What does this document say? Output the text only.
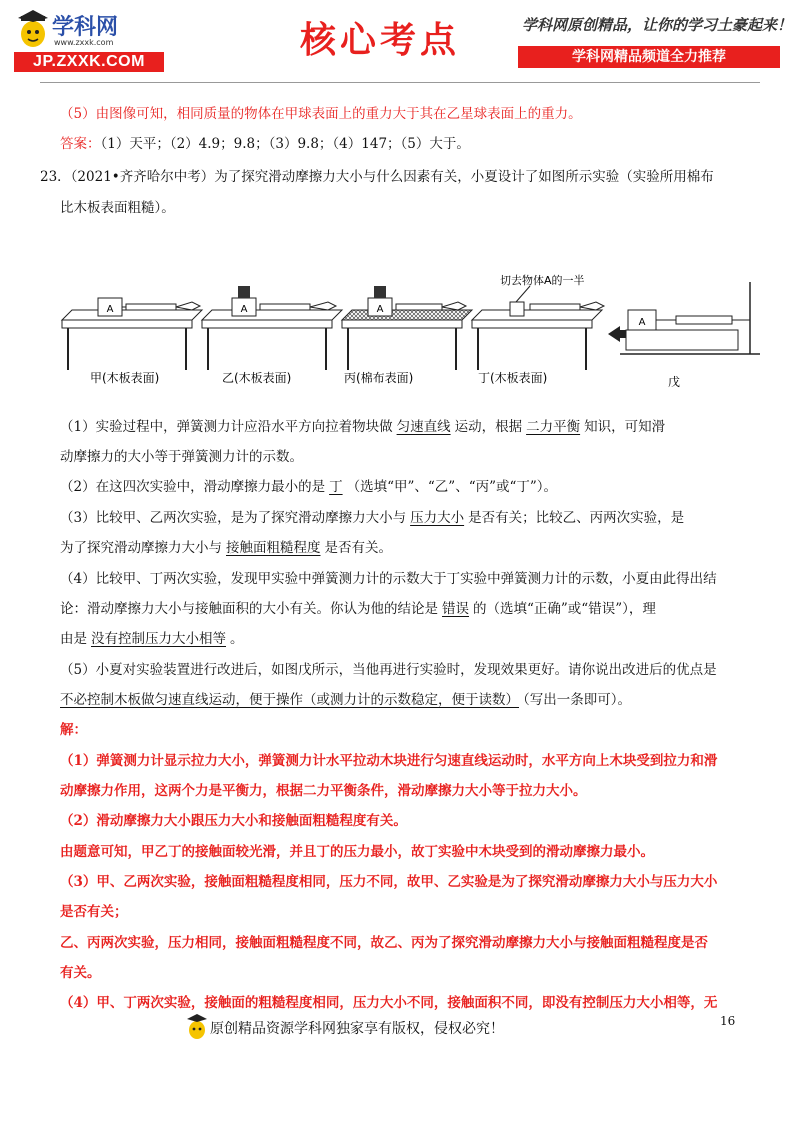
学科网
www.zxxk.com
JP.ZXXK.COM
核心考点	学科网原创精品，让你的学习土豪起来！
学科网精品频道全力推荐
（5）由图像可知，相同质量的物体在甲球表面上的重力大于其在乙星球表面上的重力。
答案：（1）天平；（2）4.9；9.8；（3）9.8；（4）147；（5）大于。
23．（2021•齐齐哈尔中考）为了探究滑动摩擦力大小与什么因素有关，小夏设计了如图所示实验（实验所用棉布
比木板表面粗糙）。
A	A	A
切去物体A的一半
A
甲(木板表面)	乙(木板表面)	丙(棉布表面)	丁(木板表面)	戊
（1）实验过程中，弹簧测力计应沿水平方向拉着物块做 匀速直线 运动，根据 二力平衡 知识，可知滑
动摩擦力的大小等于弹簧测力计的示数。
（2）在这四次实验中，滑动摩擦力最小的是 丁 （选填“甲”、“乙”、“丙”或“丁”）。
（3）比较甲、乙两次实验，是为了探究滑动摩擦力大小与 压力大小 是否有关；比较乙、丙两次实验，是
为了探究滑动摩擦力大小与 接触面粗糙程度 是否有关。
（4）比较甲、丁两次实验，发现甲实验中弹簧测力计的示数大于丁实验中弹簧测力计的示数，小夏由此得出结
论：滑动摩擦力大小与接触面积的大小有关。你认为他的结论是 错误 的（选填“正确”或“错误”），理
由是 没有控制压力大小相等 。
（5）小夏对实验装置进行改进后，如图戊所示，当他再进行实验时，发现效果更好。请你说出改进后的优点是
不必控制木板做匀速直线运动，便于操作（或测力计的示数稳定，便于读数） （写出一条即可）。
解：
（1）弹簧测力计显示拉力大小，弹簧测力计水平拉动木块进行匀速直线运动时，水平方向上木块受到拉力和滑
动摩擦力作用，这两个力是平衡力，根据二力平衡条件，滑动摩擦力大小等于拉力大小。
（2）滑动摩擦力大小跟压力大小和接触面粗糙程度有关。
由题意可知，甲乙丁的接触面较光滑，并且丁的压力最小，故丁实验中木块受到的滑动摩擦力最小。
（3）甲、乙两次实验，接触面粗糙程度相同，压力不同，故甲、乙实验是为了探究滑动摩擦力大小与压力大小
是否有关；
乙、丙两次实验，压力相同，接触面粗糙程度不同，故乙、丙为了探究滑动摩擦力大小与接触面粗糙程度是否
有关。
（4）甲、丁两次实验，接触面的粗糙程度相同，压力大小不同，接触面积不同，即没有控制压力大小相等，无
原创精品资源学科网独家享有版权，侵权必究！	16
